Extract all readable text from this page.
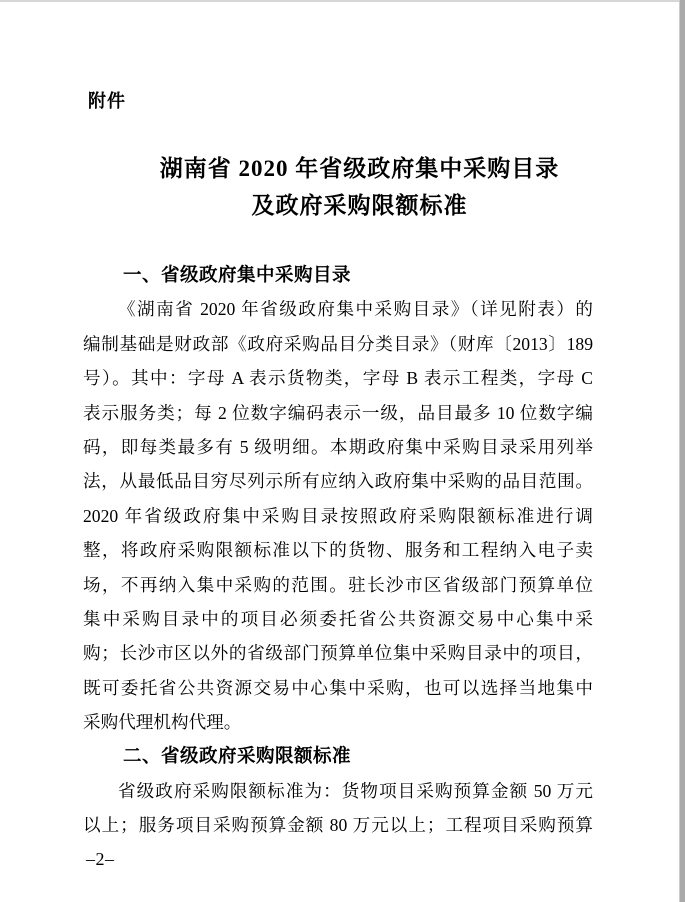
附件
湖南省 2020 年省级政府集中采购目录
及政府采购限额标准
一、省级政府集中采购目录
《湖南省 2020 年省级政府集中采购目录》（详见附表）的
编制基础是财政部《政府采购品目分类目录》（财库〔2013〕189
号）。其中：字母 A 表示货物类，字母 B 表示工程类，字母 C
表示服务类；每 2 位数字编码表示一级，品目最多 10 位数字编
码，即每类最多有 5 级明细。本期政府集中采购目录采用列举
法，从最低品目穷尽列示所有应纳入政府集中采购的品目范围。
2020 年省级政府集中采购目录按照政府采购限额标准进行调
整，将政府采购限额标准以下的货物、服务和工程纳入电子卖
场，不再纳入集中采购的范围。驻长沙市区省级部门预算单位
集中采购目录中的项目必须委托省公共资源交易中心集中采
购；长沙市区以外的省级部门预算单位集中采购目录中的项目，
既可委托省公共资源交易中心集中采购，也可以选择当地集中
采购代理机构代理。
二、省级政府采购限额标准
省级政府采购限额标准为：货物项目采购预算金额 50 万元
以上；服务项目采购预算金额 80 万元以上；工程项目采购预算
–2–
